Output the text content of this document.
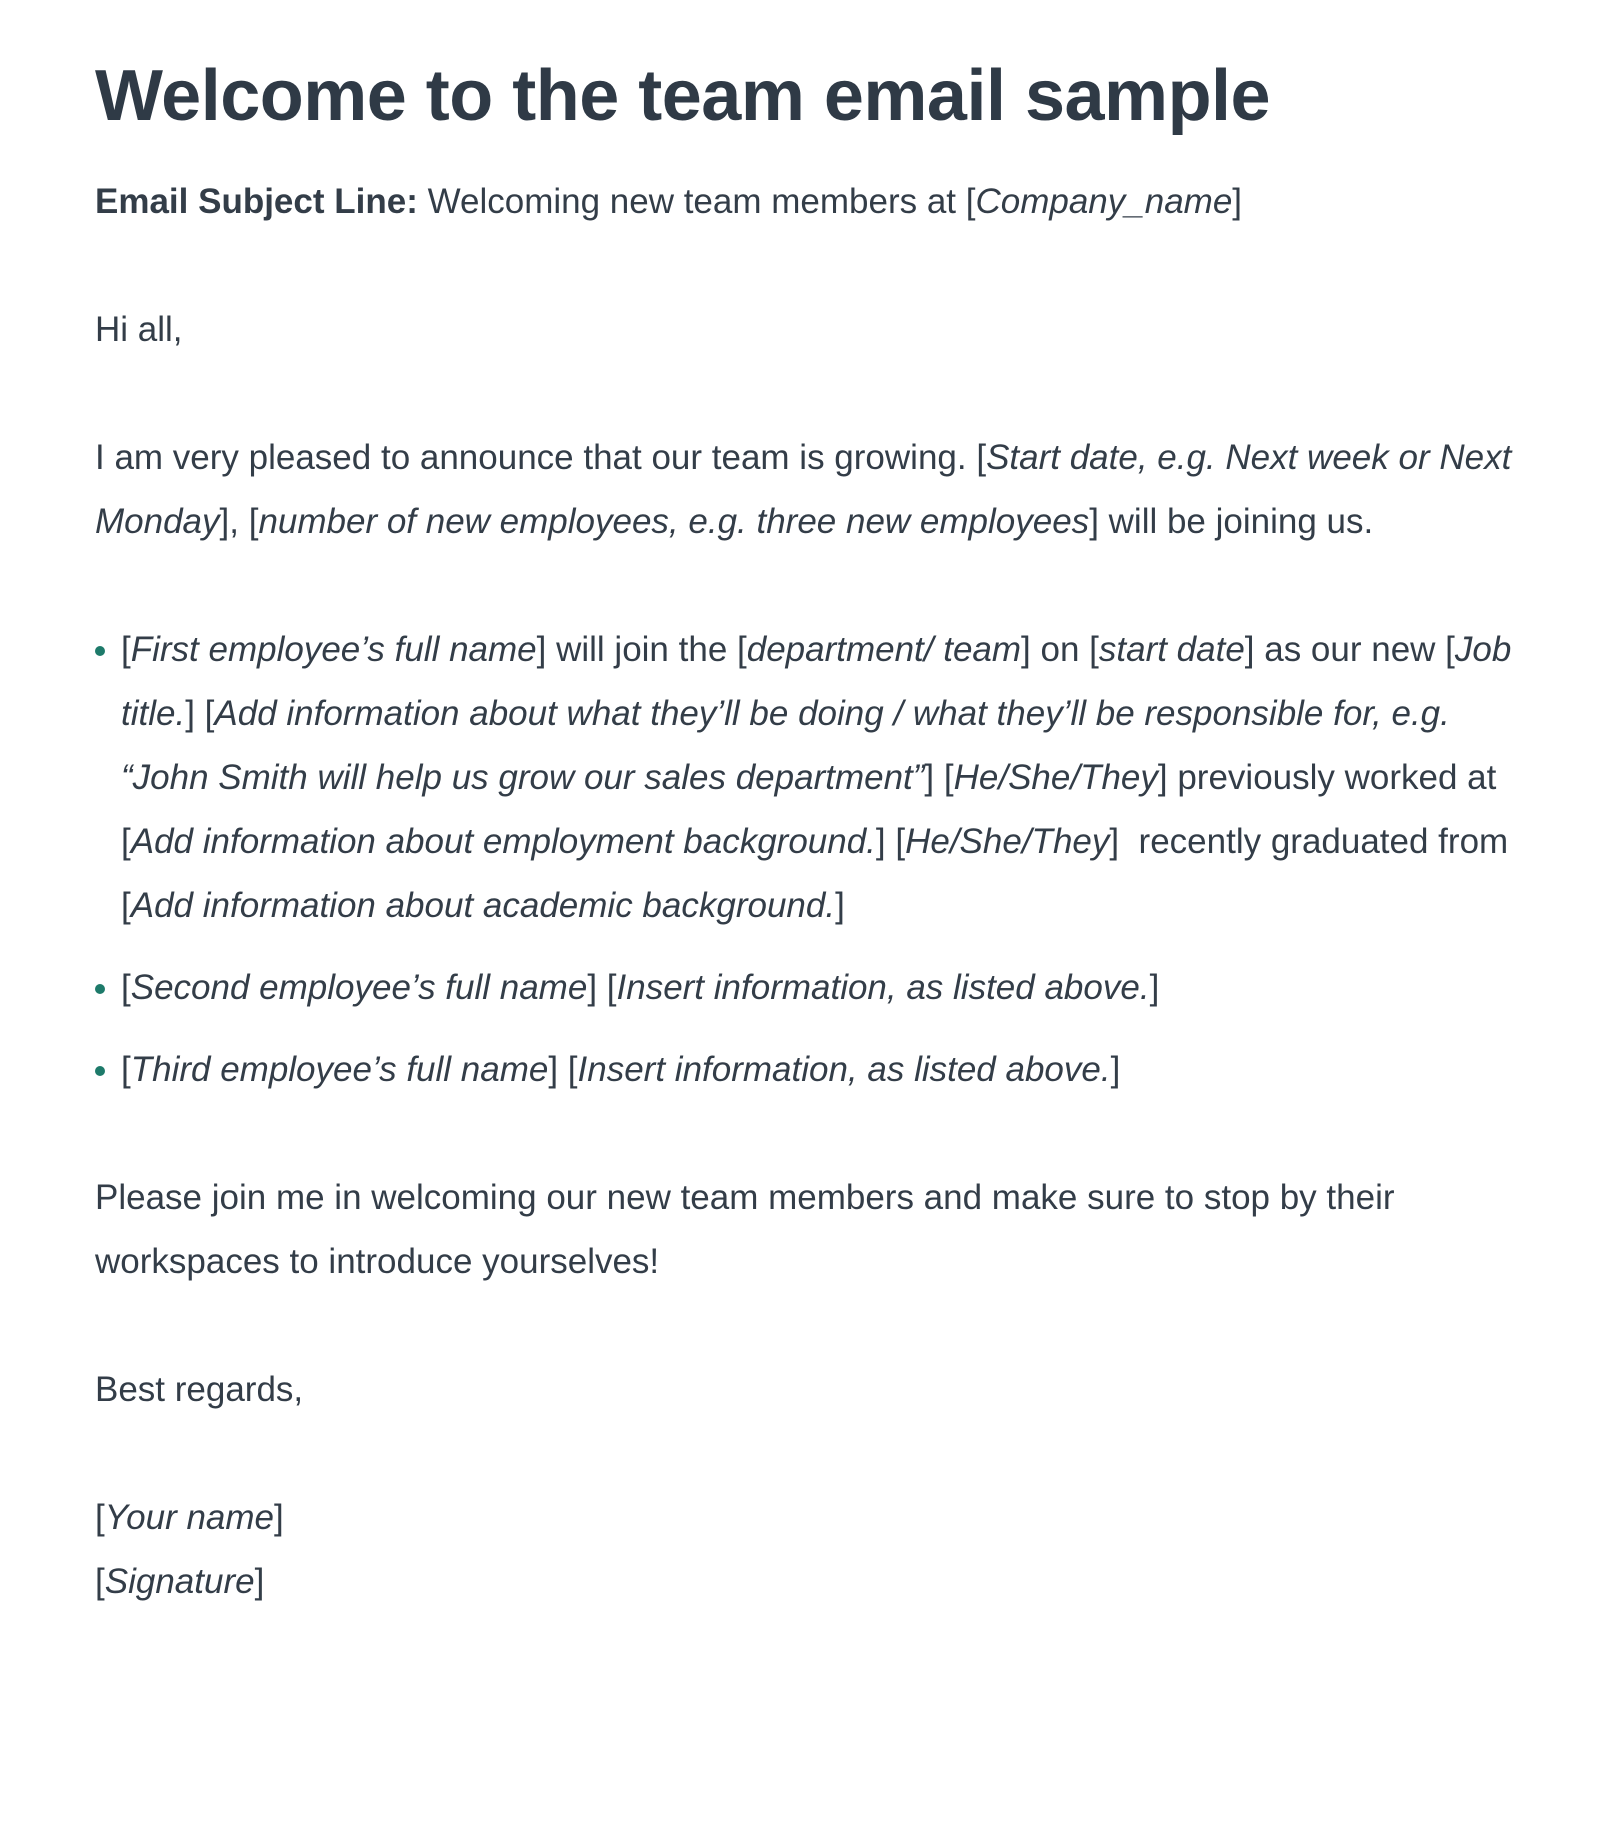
Welcome to the team email sample

Email Subject Line: Welcoming new team members at [Company_name]

Hi all,

I am very pleased to announce that our team is growing. [Start date, e.g. Next week or Next Monday], [number of new employees, e.g. three new employees] will be joining us.

[First employee’s full name] will join the [department/ team] on [start date] as our new [Job title.] [Add information about what they’ll be doing / what they’ll be responsible for, e.g. “John Smith will help us grow our sales department”] [He/She/They] previously worked at [Add information about employment background.] [He/She/They]  recently graduated from [Add information about academic background.]
[Second employee’s full name] [Insert information, as listed above.]
[Third employee’s full name] [Insert information, as listed above.]

Please join me in welcoming our new team members and make sure to stop by their workspaces to introduce yourselves!

Best regards,

[Your name]
[Signature]
